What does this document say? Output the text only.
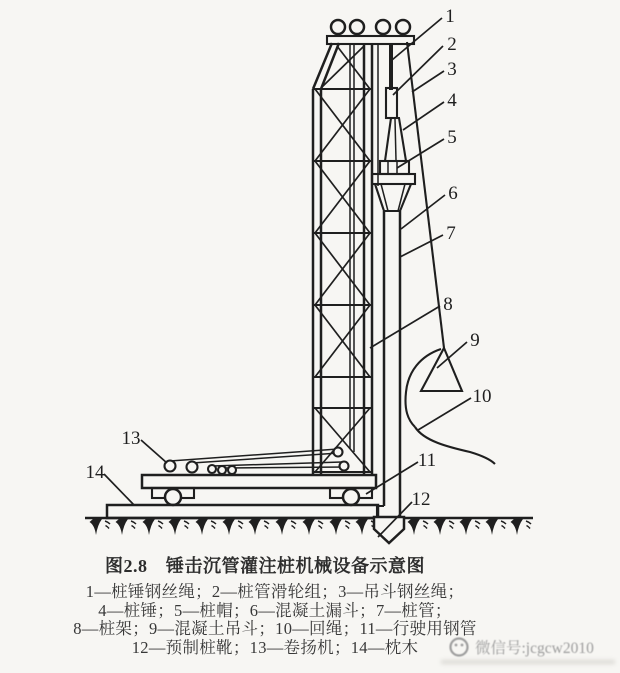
1
2
3
4
5
6
7
8
9
10
11
12
13
14
图2.8　锤击沉管灌注桩机械设备示意图
1—桩锤钢丝绳；2—桩管滑轮组；3—吊斗钢丝绳；
4—桩锤；5—桩帽；6—混凝土漏斗；7—桩管；
8—桩架；9—混凝土吊斗；10—回绳；11—行驶用钢管
12—预制桩靴；13—卷扬机；14—枕木	微信号:jcgcw2010
